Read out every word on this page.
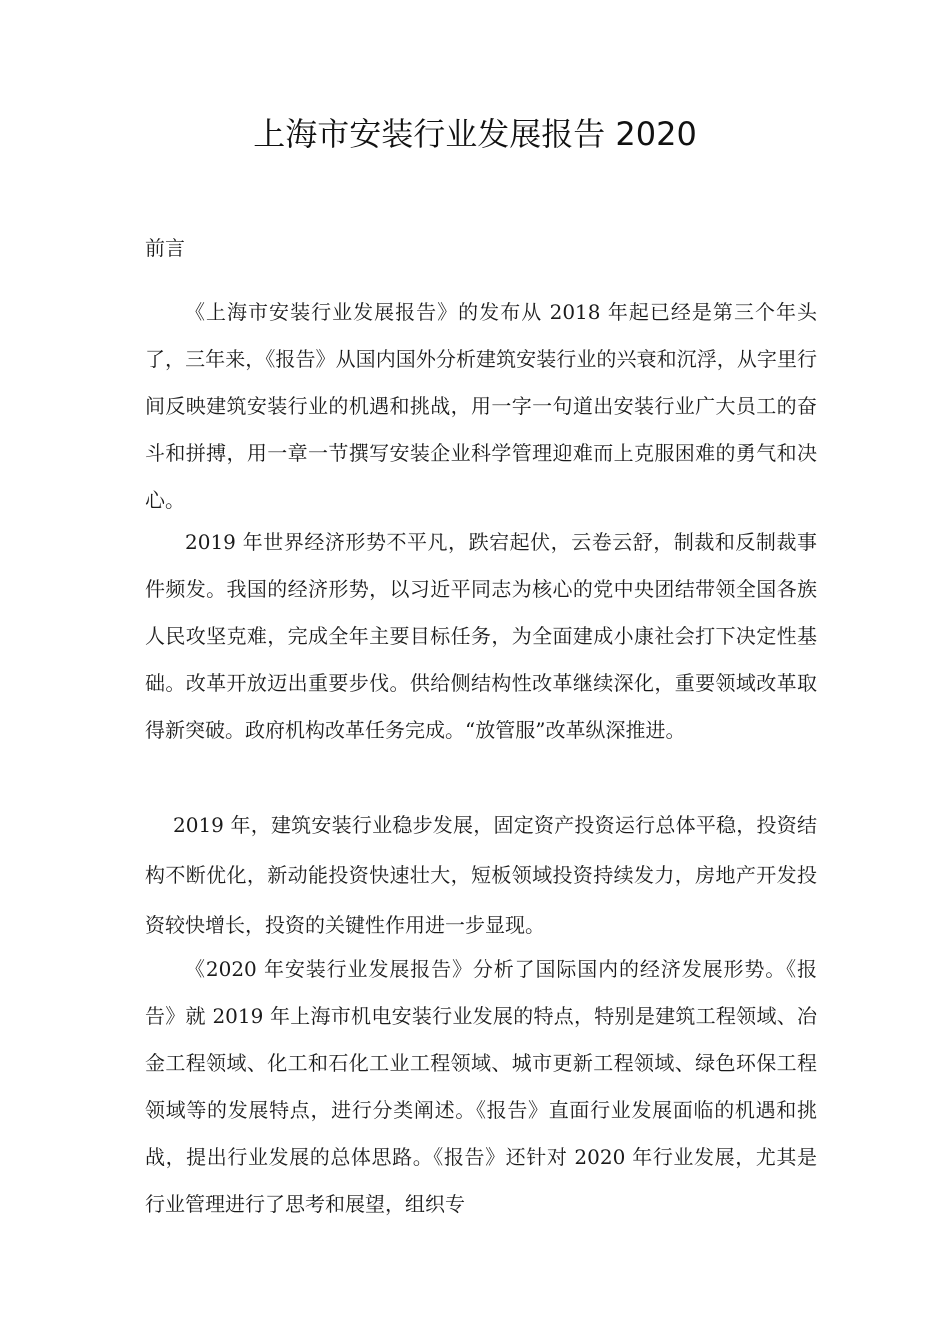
上海市安装行业发展报告 2020
前言

《上海市安装行业发展报告》的发布从 2018 年起已经是第三个年头了，三年来，《报告》从国内国外分析建筑安装行业的兴衰和沉浮，从字里行间反映建筑安装行业的机遇和挑战，用一字一句道出安装行业广大员工的奋斗和拼搏，用一章一节撰写安装企业科学管理迎难而上克服困难的勇气和决心。

2019 年世界经济形势不平凡，跌宕起伏，云卷云舒，制裁和反制裁事件频发。我国的经济形势，以习近平同志为核心的党中央团结带领全国各族人民攻坚克难，完成全年主要目标任务，为全面建成小康社会打下决定性基础。改革开放迈出重要步伐。供给侧结构性改革继续深化，重要领域改革取得新突破。政府机构改革任务完成。“放管服”改革纵深推进。

2019 年，建筑安装行业稳步发展，固定资产投资运行总体平稳，投资结构不断优化，新动能投资快速壮大，短板领域投资持续发力，房地产开发投资较快增长，投资的关键性作用进一步显现。

《2020 年安装行业发展报告》分析了国际国内的经济发展形势。《报告》就 2019 年上海市机电安装行业发展的特点，特别是建筑工程领域、冶金工程领域、化工和石化工业工程领域、城市更新工程领域、绿色环保工程领域等的发展特点，进行分类阐述。《报告》直面行业发展面临的机遇和挑战，提出行业发展的总体思路。《报告》还针对 2020 年行业发展，尤其是行业管理进行了思考和展望，组织专
